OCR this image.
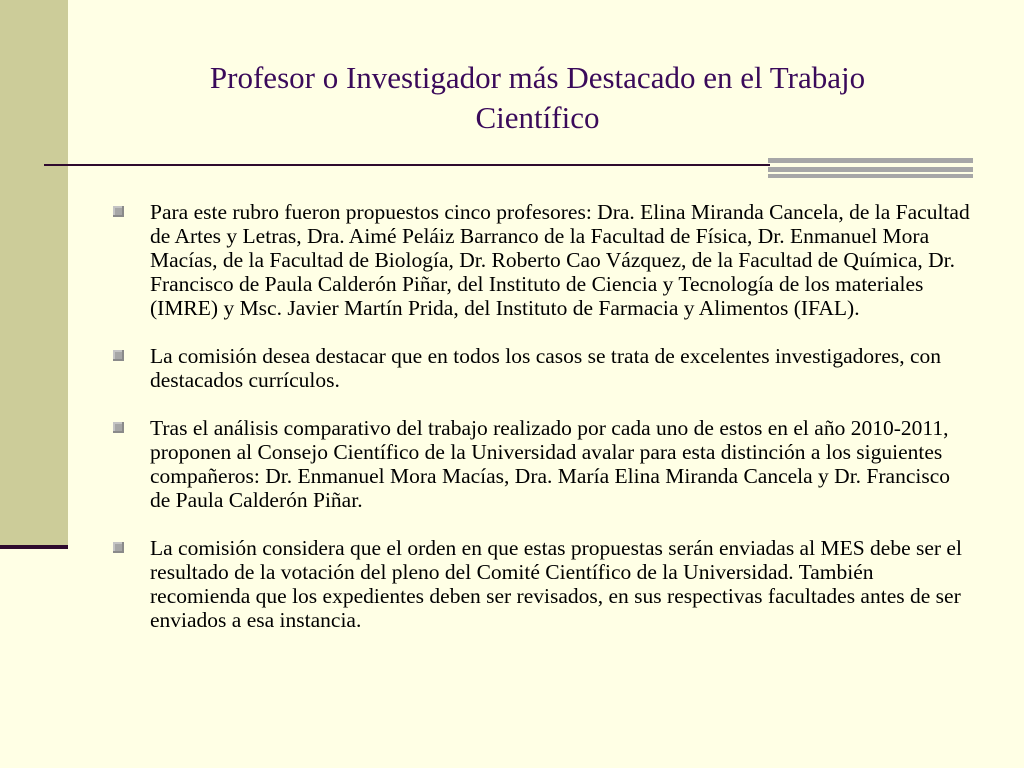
Profesor o Investigador más Destacado en el Trabajo Científico
Para este rubro fueron propuestos cinco profesores: Dra. Elina Miranda Cancela, de la Facultad de Artes y Letras, Dra. Aimé Peláiz Barranco de la Facultad de Física, Dr. Enmanuel Mora Macías, de la Facultad de Biología, Dr. Roberto Cao Vázquez, de la Facultad de Química, Dr. Francisco de Paula Calderón Piñar, del Instituto de Ciencia y Tecnología de los materiales (IMRE) y Msc. Javier Martín Prida, del Instituto de Farmacia y Alimentos (IFAL).
La comisión desea destacar que en todos los casos se trata de excelentes investigadores, con destacados currículos.
Tras el análisis comparativo del trabajo realizado por cada uno de estos en el año 2010-2011, proponen al Consejo Científico de la Universidad avalar para esta distinción a los siguientes compañeros: Dr. Enmanuel Mora Macías, Dra. María Elina Miranda Cancela y Dr. Francisco de Paula Calderón Piñar.
La comisión considera que el orden en que estas propuestas serán enviadas al MES debe ser el resultado de la votación del pleno del Comité Científico de la Universidad. También recomienda que los expedientes deben ser revisados, en sus respectivas facultades antes de ser enviados a esa instancia.
